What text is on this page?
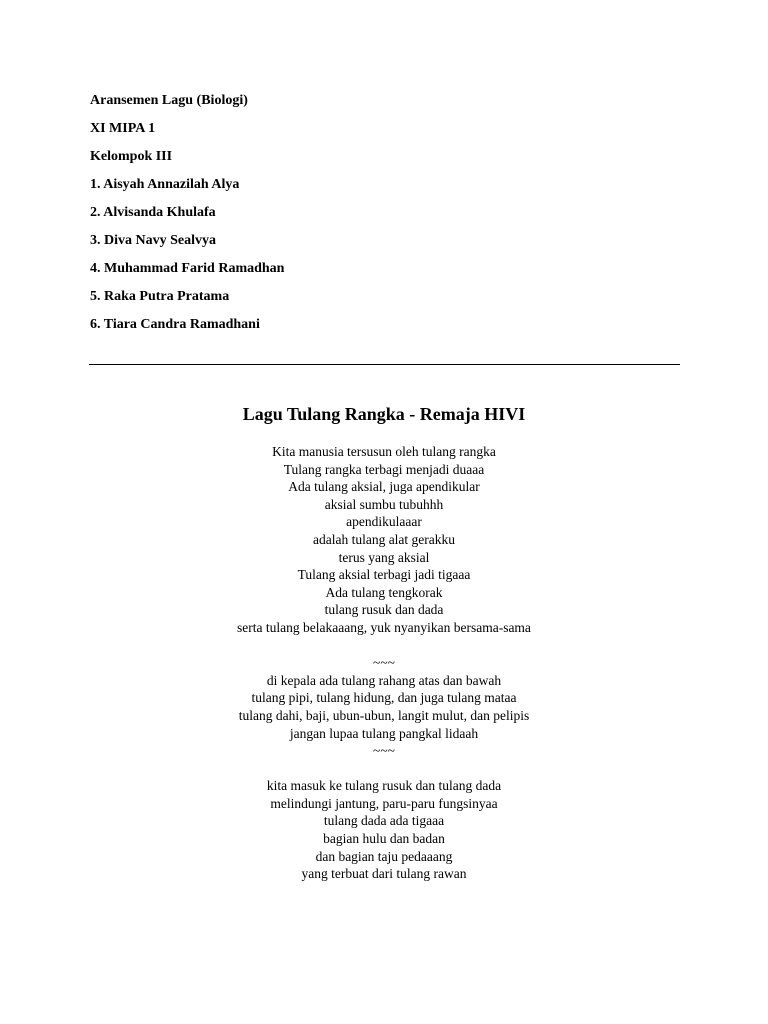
Aransemen Lagu (Biologi)
XI MIPA 1
Kelompok III
1. Aisyah Annazilah Alya
2. Alvisanda Khulafa
3. Diva Navy Sealvya
4. Muhammad Farid Ramadhan
5. Raka Putra Pratama
6. Tiara Candra Ramadhani
Lagu Tulang Rangka - Remaja HIVI
Kita manusia tersusun oleh tulang rangka
Tulang rangka terbagi menjadi duaaa
Ada tulang aksial, juga apendikular
aksial sumbu tubuhhh
apendikulaaar
adalah tulang alat gerakku
terus yang aksial
Tulang aksial terbagi jadi tigaaa
Ada tulang tengkorak
tulang rusuk dan dada
serta tulang belakaaang, yuk nyanyikan bersama-sama
~~~
di kepala ada tulang rahang atas dan bawah
tulang pipi, tulang hidung, dan juga tulang mataa
tulang dahi, baji, ubun-ubun, langit mulut, dan pelipis
jangan lupaa tulang pangkal lidaah
~~~
kita masuk ke tulang rusuk dan tulang dada
melindungi jantung, paru-paru fungsinyaa
tulang dada ada tigaaa
bagian hulu dan badan
dan bagian taju pedaaang
yang terbuat dari tulang rawan
